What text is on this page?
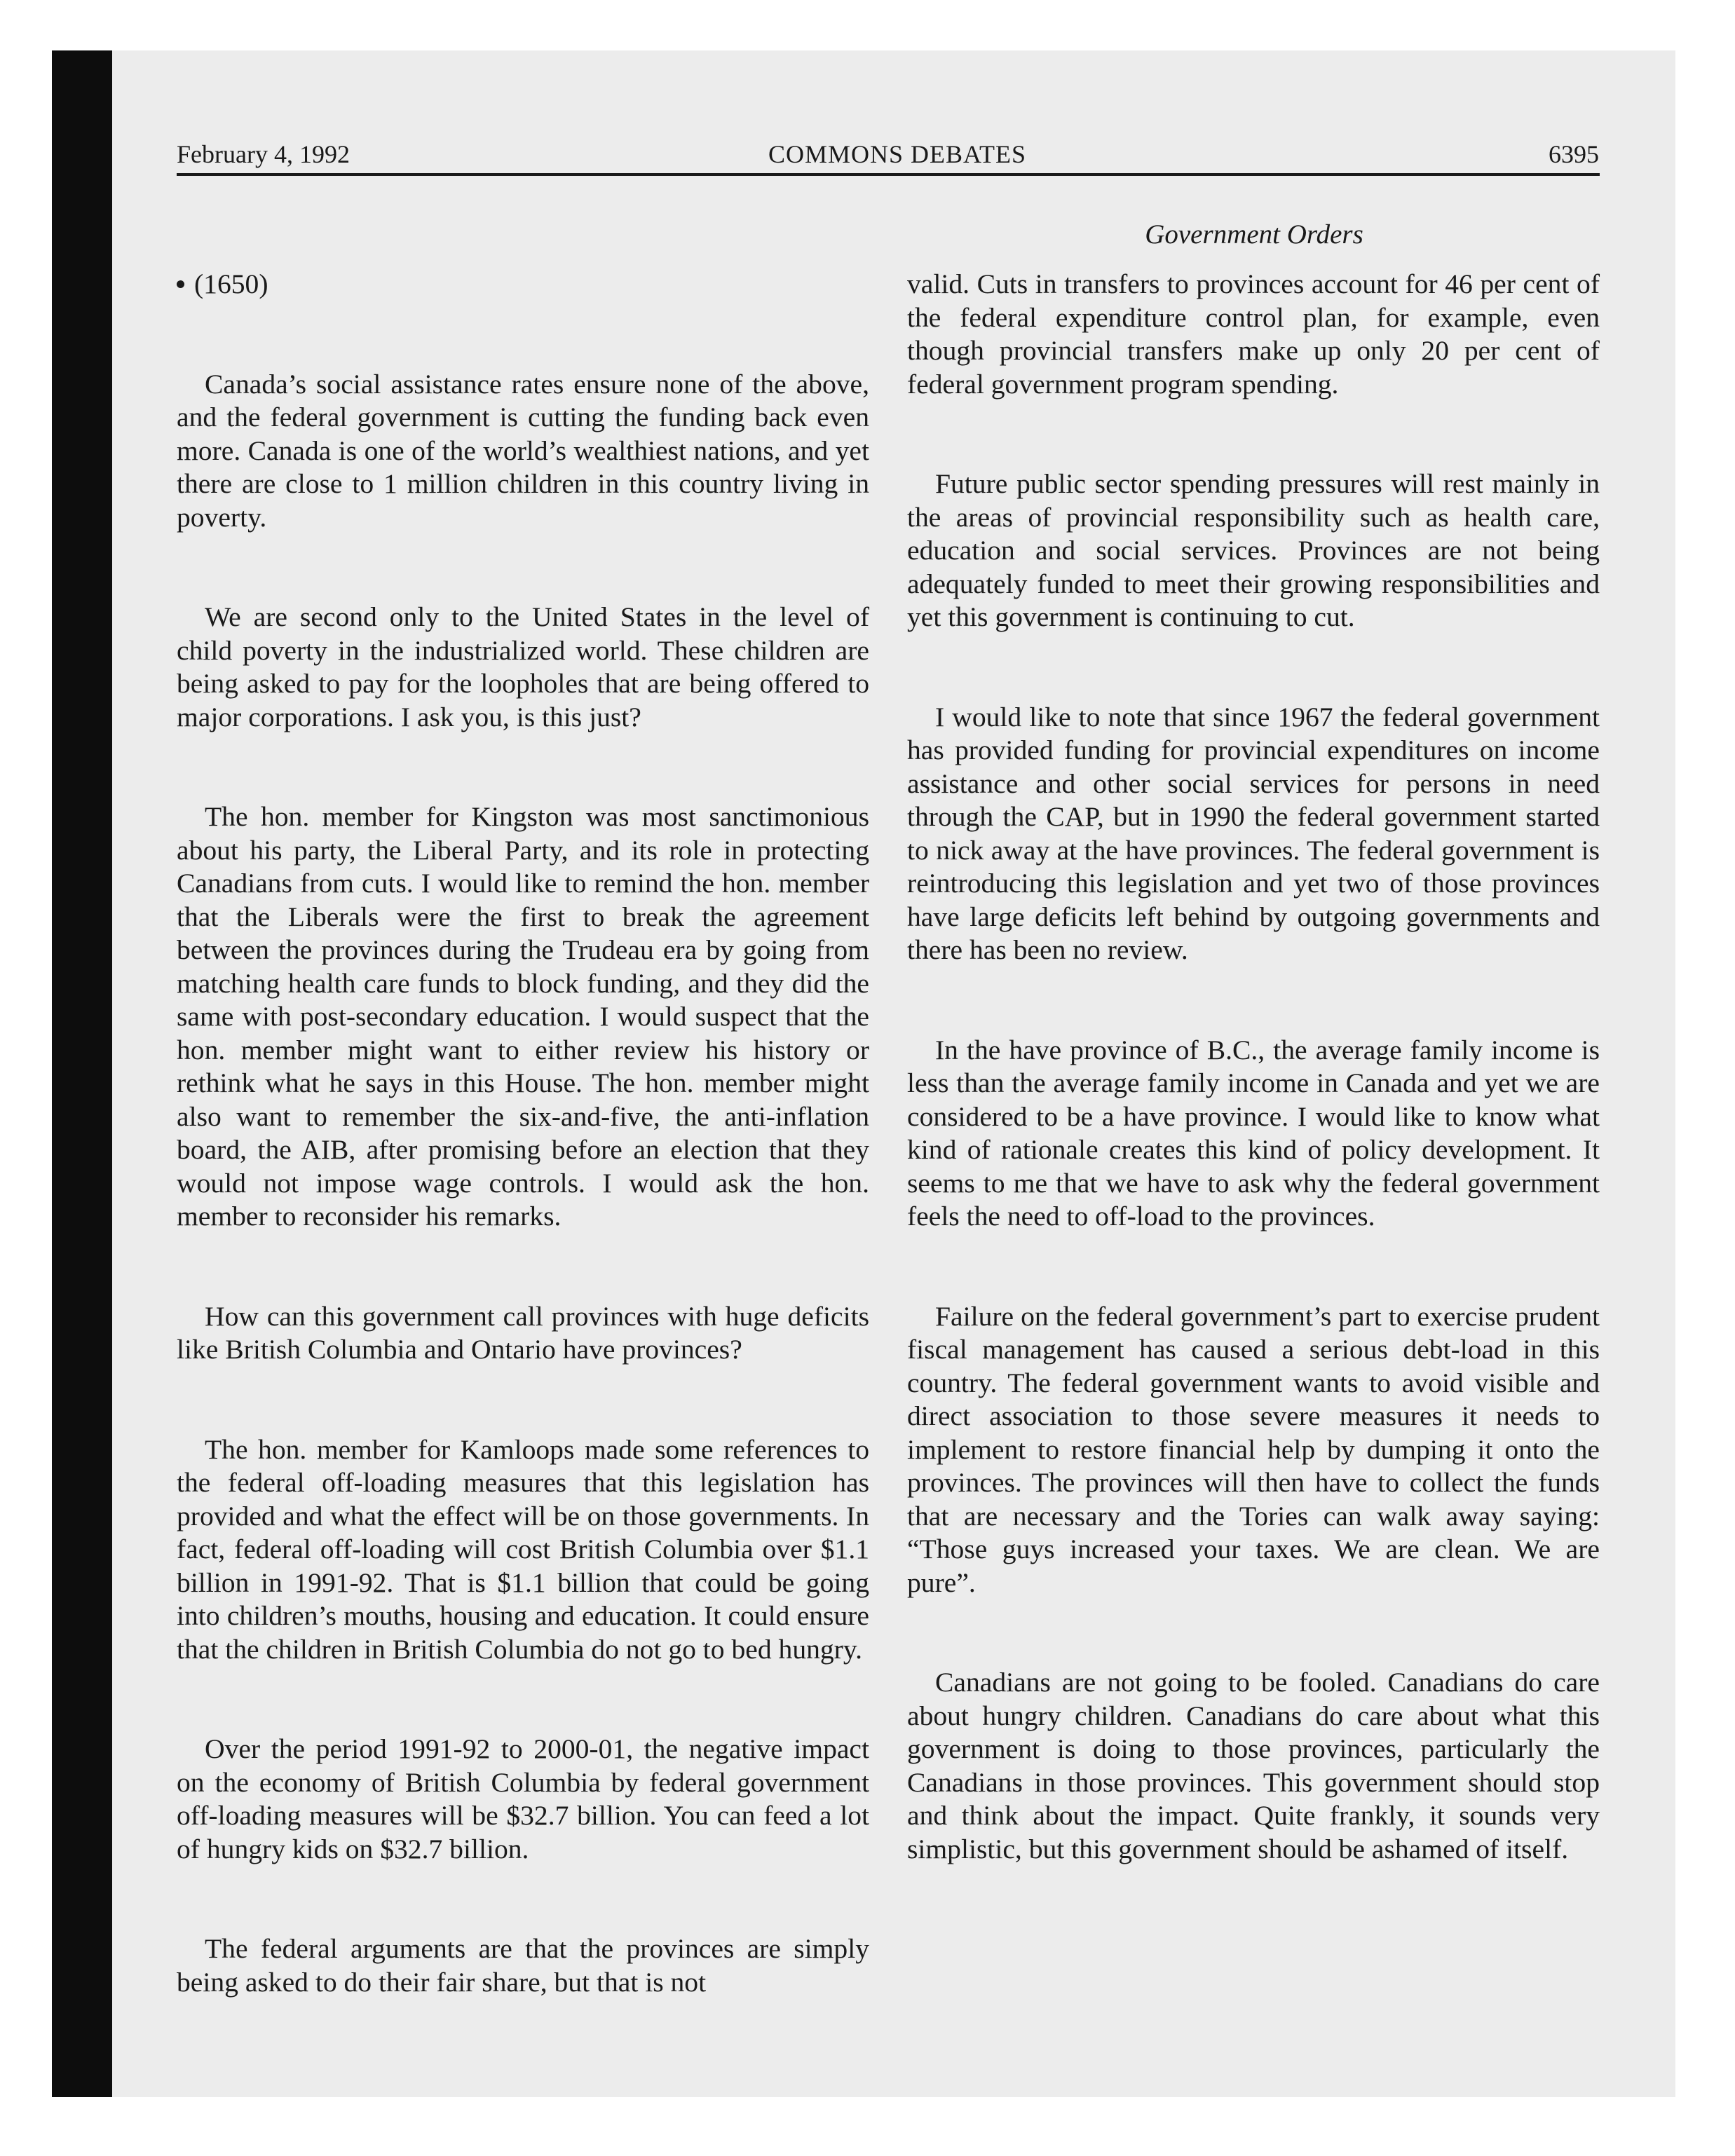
February 4, 1992	COMMONS DEBATES	6395
Government Orders
(1650)

Canada’s social assistance rates ensure none of the above, and the federal government is cutting the funding back even more. Canada is one of the world’s wealthiest nations, and yet there are close to 1 million children in this country living in poverty.

We are second only to the United States in the level of child poverty in the industrialized world. These children are being asked to pay for the loopholes that are being offered to major corporations. I ask you, is this just?

The hon. member for Kingston was most sanctimonious about his party, the Liberal Party, and its role in protecting Canadians from cuts. I would like to remind the hon. member that the Liberals were the first to break the agreement between the provinces during the Trudeau era by going from matching health care funds to block funding, and they did the same with post-secondary education. I would suspect that the hon. member might want to either review his history or rethink what he says in this House. The hon. member might also want to remember the six-and-five, the anti-inflation board, the AIB, after promising before an election that they would not impose wage controls. I would ask the hon. member to reconsider his remarks.

How can this government call provinces with huge deficits like British Columbia and Ontario have provinces?

The hon. member for Kamloops made some references to the federal off-loading measures that this legislation has provided and what the effect will be on those governments. In fact, federal off-loading will cost British Columbia over $1.1 billion in 1991-92. That is $1.1 billion that could be going into children’s mouths, housing and education. It could ensure that the children in British Columbia do not go to bed hungry.

Over the period 1991-92 to 2000-01, the negative impact on the economy of British Columbia by federal government off-loading measures will be $32.7 billion. You can feed a lot of hungry kids on $32.7 billion.

The federal arguments are that the provinces are simply being asked to do their fair share, but that is not

valid. Cuts in transfers to provinces account for 46 per cent of the federal expenditure control plan, for example, even though provincial transfers make up only 20 per cent of federal government program spending.

Future public sector spending pressures will rest mainly in the areas of provincial responsibility such as health care, education and social services. Provinces are not being adequately funded to meet their growing responsibilities and yet this government is continuing to cut.

I would like to note that since 1967 the federal government has provided funding for provincial expenditures on income assistance and other social services for persons in need through the CAP, but in 1990 the federal government started to nick away at the have provinces. The federal government is reintroducing this legislation and yet two of those provinces have large deficits left behind by outgoing governments and there has been no review.

In the have province of B.C., the average family income is less than the average family income in Canada and yet we are considered to be a have province. I would like to know what kind of rationale creates this kind of policy development. It seems to me that we have to ask why the federal government feels the need to off-load to the provinces.

Failure on the federal government’s part to exercise prudent fiscal management has caused a serious debt-load in this country. The federal government wants to avoid visible and direct association to those severe measures it needs to implement to restore financial help by dumping it onto the provinces. The provinces will then have to collect the funds that are necessary and the Tories can walk away saying: “Those guys increased your taxes. We are clean. We are pure”.

Canadians are not going to be fooled. Canadians do care about hungry children. Canadians do care about what this government is doing to those provinces, particularly the Canadians in those provinces. This government should stop and think about the impact. Quite frankly, it sounds very simplistic, but this government should be ashamed of itself.
